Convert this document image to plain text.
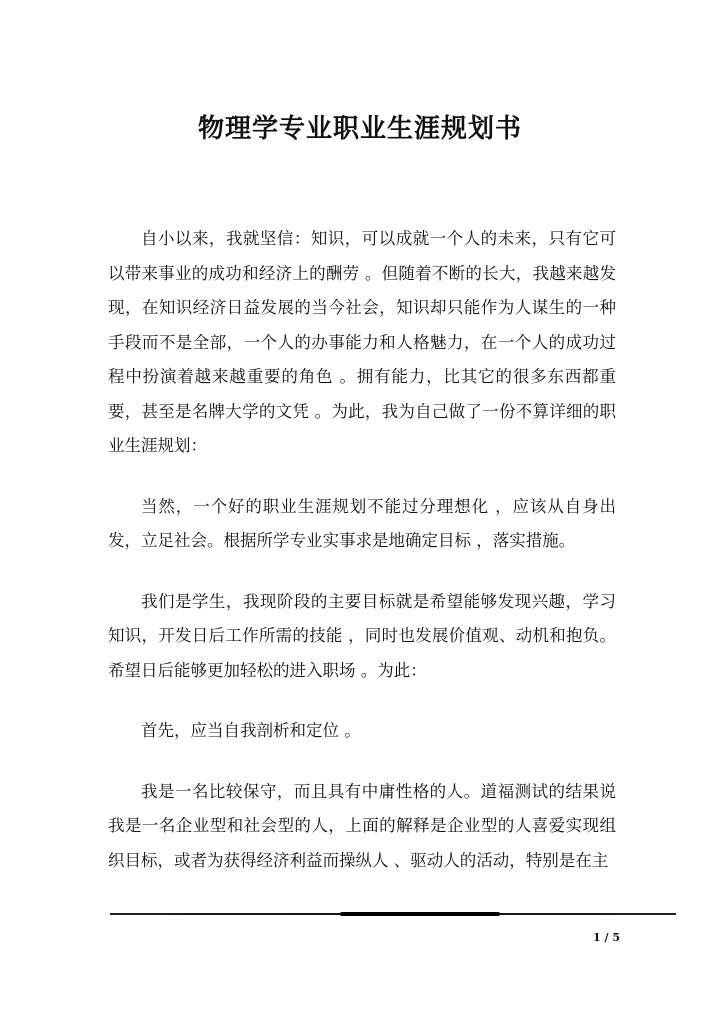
物理学专业职业生涯规划书

自小以来，我就坚信：知识，可以成就一个人的未来，只有它可以带来事业的成功和经济上的酬劳 。但随着不断的长大，我越来越发现，在知识经济日益发展的当今社会，知识却只能作为人谋生的一种手段而不是全部，一个人的办事能力和人格魅力，在一个人的成功过程中扮演着越来越重要的角色 。拥有能力，比其它的很多东西都重要，甚至是名牌大学的文凭 。为此，我为自己做了一份不算详细的职业生涯规划：

当然，一个好的职业生涯规划不能过分理想化 ，应该从自身出发，立足社会。根据所学专业实事求是地确定目标 ，落实措施。

我们是学生，我现阶段的主要目标就是希望能够发现兴趣，学习知识，开发日后工作所需的技能 ，同时也发展价值观、动机和抱负。希望日后能够更加轻松的进入职场 。为此：

首先，应当自我剖析和定位 。

我是一名比较保守，而且具有中庸性格的人。道福测试的结果说我是一名企业型和社会型的人，上面的解释是企业型的人喜爱实现组织目标，或者为获得经济利益而操纵人 、驱动人的活动，特别是在主

1 / 5
